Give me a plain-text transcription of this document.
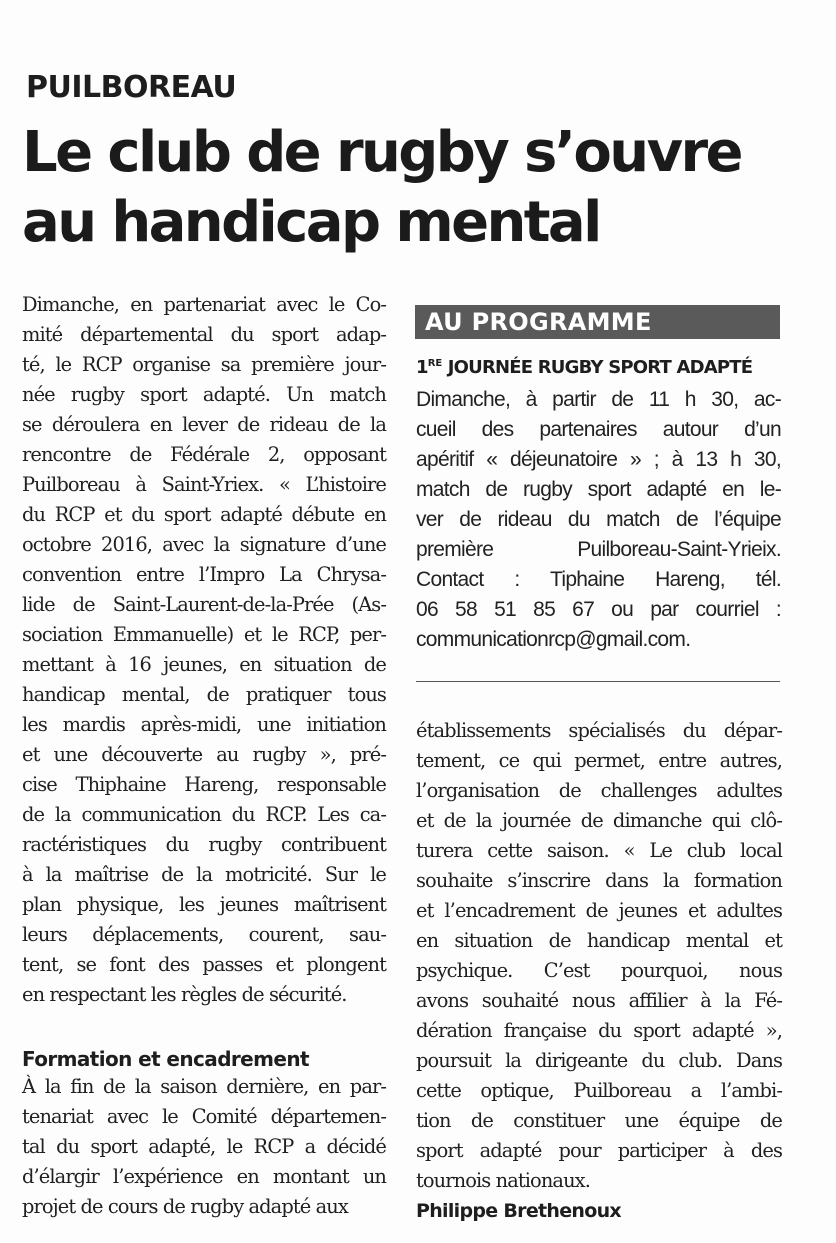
PUILBOREAU
Le club de rugby s’ouvre
au handicap mental
Dimanche, en partenariat avec le Co-
mité départemental du sport adap-
té, le RCP organise sa première jour-
née rugby sport adapté. Un match
se déroulera en lever de rideau de la
rencontre de Fédérale 2, opposant
Puilboreau à Saint-Yriex. « L’histoire
du RCP et du sport adapté débute en
octobre 2016, avec la signature d’une
convention entre l’Impro La Chrysa-
lide de Saint-Laurent-de-la-Prée (As-
sociation Emmanuelle) et le RCP, per-
mettant à 16 jeunes, en situation de
handicap mental, de pratiquer tous
les mardis après-midi, une initiation
et une découverte au rugby », pré-
cise Thiphaine Hareng, responsable
de la communication du RCP. Les ca-
ractéristiques du rugby contribuent
à la maîtrise de la motricité. Sur le
plan physique, les jeunes maîtrisent
leurs déplacements, courent, sau-
tent, se font des passes et plongent
en respectant les règles de sécurité.
Formation et encadrement
À la fin de la saison dernière, en par-
tenariat avec le Comité départemen-
tal du sport adapté, le RCP a décidé
d’élargir l’expérience en montant un
projet de cours de rugby adapté aux
AU PROGRAMME
1RE JOURNÉE RUGBY SPORT ADAPTÉ
Dimanche, à partir de 11 h 30, ac-
cueil des partenaires autour d’un
apéritif « déjeunatoire » ; à 13 h 30,
match de rugby sport adapté en le-
ver de rideau du match de l’équipe
première Puilboreau-Saint-Yrieix.
Contact : Tiphaine Hareng, tél.
06 58 51 85 67 ou par courriel :
communicationrcp@gmail.com.
établissements spécialisés du dépar-
tement, ce qui permet, entre autres,
l’organisation de challenges adultes
et de la journée de dimanche qui clô-
turera cette saison. « Le club local
souhaite s’inscrire dans la formation
et l’encadrement de jeunes et adultes
en situation de handicap mental et
psychique. C’est pourquoi, nous
avons souhaité nous affilier à la Fé-
dération française du sport adapté »,
poursuit la dirigeante du club. Dans
cette optique, Puilboreau a l’ambi-
tion de constituer une équipe de
sport adapté pour participer à des
tournois nationaux.
Philippe Brethenoux
